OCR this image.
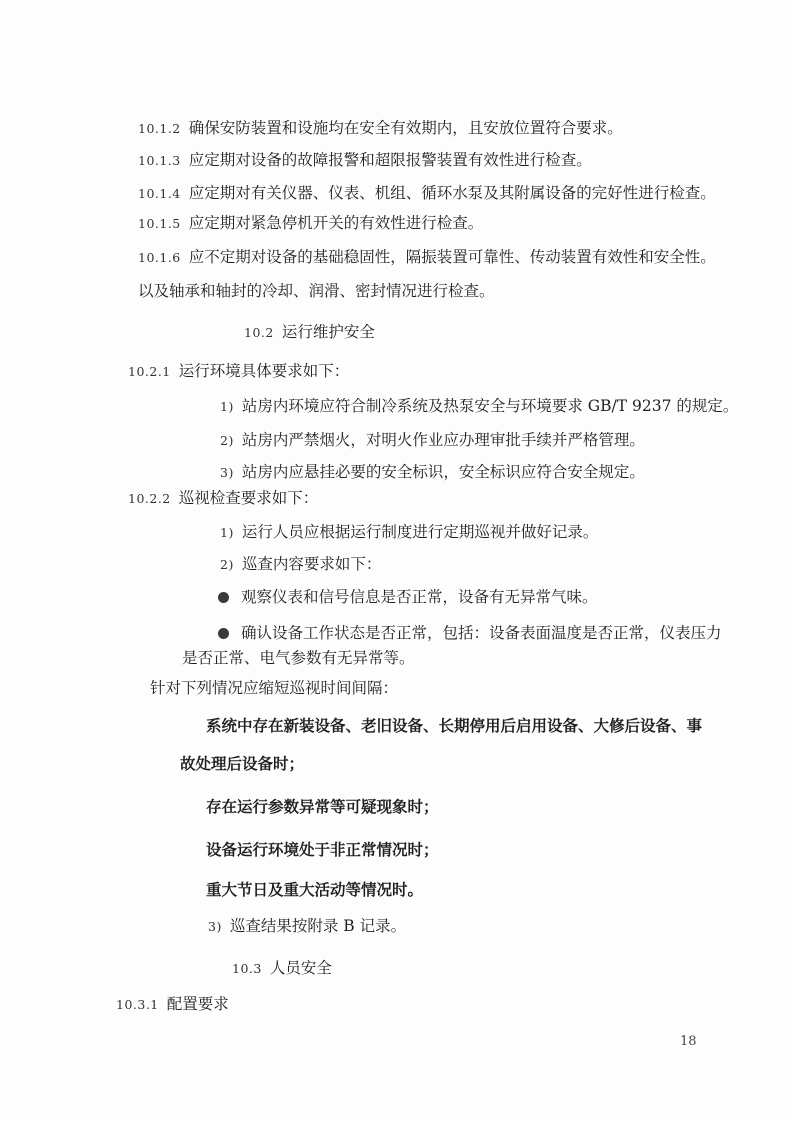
10.1.2 确保安防装置和设施均在安全有效期内，且安放位置符合要求。
10.1.3 应定期对设备的故障报警和超限报警装置有效性进行检查。
10.1.4 应定期对有关仪器、仪表、机组、循环水泵及其附属设备的完好性进行检查。
10.1.5 应定期对紧急停机开关的有效性进行检查。
10.1.6 应不定期对设备的基础稳固性，隔振装置可靠性、传动装置有效性和安全性。
以及轴承和轴封的冷却、润滑、密封情况进行检查。
10.2 运行维护安全
10.2.1 运行环境具体要求如下：
1) 站房内环境应符合制冷系统及热泵安全与环境要求 GB/T 9237 的规定。
2) 站房内严禁烟火，对明火作业应办理审批手续并严格管理。
3) 站房内应悬挂必要的安全标识，安全标识应符合安全规定。
10.2.2 巡视检查要求如下：
1) 运行人员应根据运行制度进行定期巡视并做好记录。
2) 巡查内容要求如下：
观察仪表和信号信息是否正常，设备有无异常气味。
确认设备工作状态是否正常，包括：设备表面温度是否正常，仪表压力
是否正常、电气参数有无异常等。
针对下列情况应缩短巡视时间间隔：
系统中存在新装设备、老旧设备、长期停用后启用设备、大修后设备、事
故处理后设备时；
存在运行参数异常等可疑现象时；
设备运行环境处于非正常情况时；
重大节日及重大活动等情况时。
3) 巡查结果按附录 B 记录。
10.3 人员安全
10.3.1 配置要求
18
